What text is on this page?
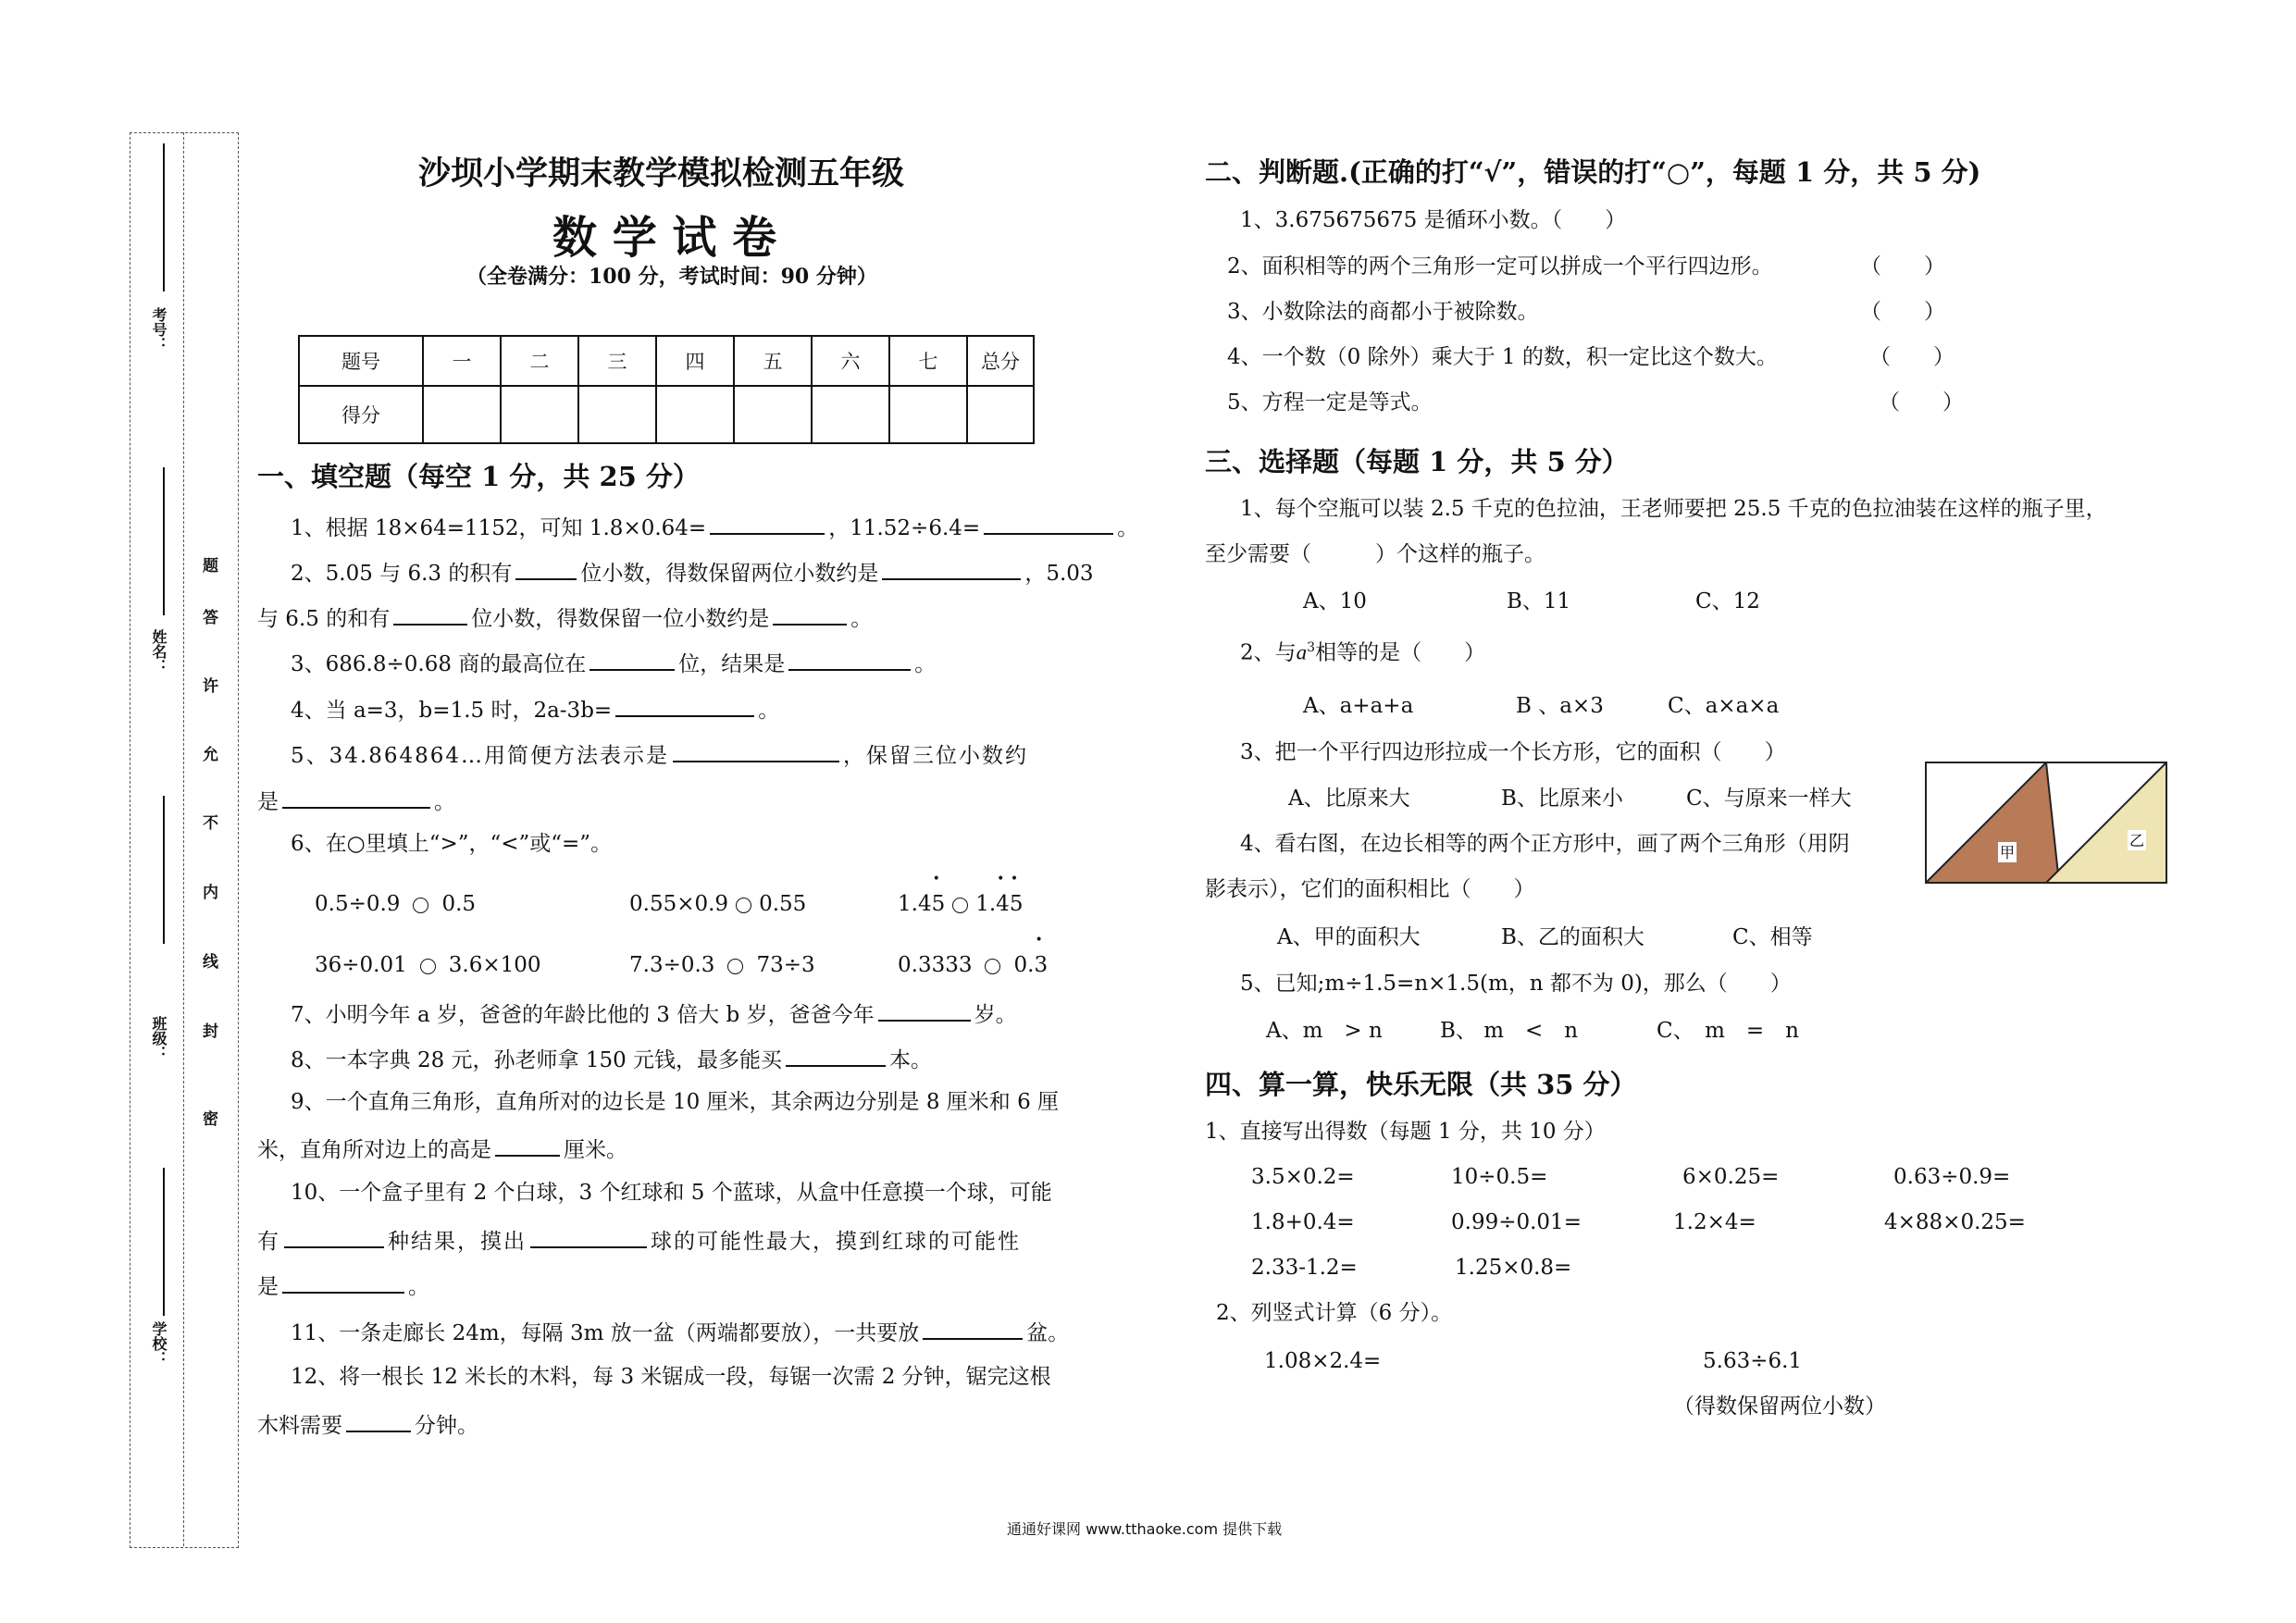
考号：
姓名：
班级：
学校：
题
答
许
允
不
内
线
封
密
沙坝小学期末教学模拟检测五年级
数 学 试 卷
（全卷满分：100 分，考试时间：90 分钟）
题号	一	二	三	四	五	六	七	总分
得分								
一、填空题（每空 1 分，共 25 分）
1、根据 18×64=1152，可知 1.8×0.64=	，11.52÷6.4=	。
2、5.05 与 6.3 的积有	位小数，得数保留两位小数约是	，5.03
与 6.5 的和有	位小数，得数保留一位小数约是	。
3、686.8÷0.68 商的最高位在	位，结果是	。
4、当 a=3，b=1.5 时，2a-3b=	。
5、34.864864…用简便方法表示是	，保留三位小数约
是	。
6、在○里填上“>”，“<”或“=”。
0.5÷0.9 0.5	0.55×0.9 0.55	1.4• 5 1.• 4• 5
36÷0.01 3.6×100	7.3÷0.3 73÷3	0.3333 0.• 3
7、小明今年 a 岁，爸爸的年龄比他的 3 倍大 b 岁，爸爸今年	岁。
8、一本字典 28 元，孙老师拿 150 元钱，最多能买	本。
9、一个直角三角形，直角所对的边长是 10 厘米，其余两边分别是 8 厘米和 6 厘
米，直角所对边上的高是	厘米。
10、一个盒子里有 2 个白球，3 个红球和 5 个蓝球，从盒中任意摸一个球，可能
有	种结果，摸出	球的可能性最大，摸到红球的可能性
是	。
11、一条走廊长 24m，每隔 3m 放一盆（两端都要放），一共要放	盆。
12、将一根长 12 米长的木料，每 3 米锯成一段，每锯一次需 2 分钟，锯完这根
木料需要	分钟。
二、判断题.(正确的打“√”，错误的打“○”，每题 1 分，共 5 分)
1、3.675675675 是循环小数。（　　）
2、面积相等的两个三角形一定可以拼成一个平行四边形。	（　　）
3、小数除法的商都小于被除数。	（　　）
4、一个数（0 除外）乘大于 1 的数，积一定比这个数大。	（　　）
5、方程一定是等式。	（　　）
三、选择题（每题 1 分，共 5 分）
1、每个空瓶可以装 2.5 千克的色拉油，王老师要把 25.5 千克的色拉油装在这样的瓶子里，
至少需要（　　　）个这样的瓶子。
A、10	B、11	C、12
2、与$a^3$相等的是（　　）
A、a+a+a	B 、a×3	C、a×a×a
3、把一个平行四边形拉成一个长方形，它的面积（　　）
A、比原来大	B、比原来小	C、与原来一样大
4、看右图，在边长相等的两个正方形中，画了两个三角形（用阴
影表示），它们的面积相比（　　）
A、甲的面积大	B、乙的面积大	C、相等
5、已知;m÷1.5=n×1.5(m，n 都不为 0)，那么（　　）
A、m　> n	B、 m　<　n	C、　m　=　n
甲
乙
四、算一算，快乐无限（共 35 分）
1、直接写出得数（每题 1 分，共 10 分）
3.5×0.2=	10÷0.5=	6×0.25=	0.63÷0.9=
1.8+0.4=	0.99÷0.01=	1.2×4=	4×88×0.25=
2.33-1.2=	1.25×0.8=
2、列竖式计算（6 分）。
1.08×2.4=	5.63÷6.1
（得数保留两位小数）
通通好课网 www.tthaoke.com 提供下载
